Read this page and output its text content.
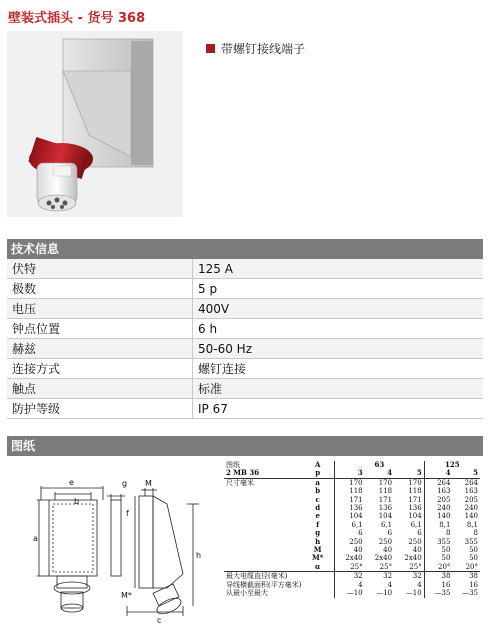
壁装式插头 - 货号 368
带螺钉接线端子
技术信息
伏特	125 A
极数	5 p
电压	400V
钟点位置	6 h
赫兹	50-60 Hz
连接方式	螺钉连接
触点	标准
防护等级	IP 67
图纸
e	g M
b
a
f
h
c
M*
图纸	A	63			125	
2 MB 36	p	3	4	5	4	5
尺寸毫米	a	170	170	170	264	264
	b	118	118	118	163	163
	c	171	171	171	205	205
	d	136	136	136	240	240
	e	104	104	104	140	140
	f	6,1	6,1	6,1	8,1	8,1
	g	6	6	6	8	8
	h	250	250	250	355	355
	M	40	40	40	50	50
	M*	2x40	2x40	2x40	50	50
	α	25°	25°	25°	20°	20°
最大电缆直径(毫米)		32	32	32	38	38
导线横截面积(平方毫米)		4	4	4	16	16
从最小至最大		—10	—10	—10	—35	—35
